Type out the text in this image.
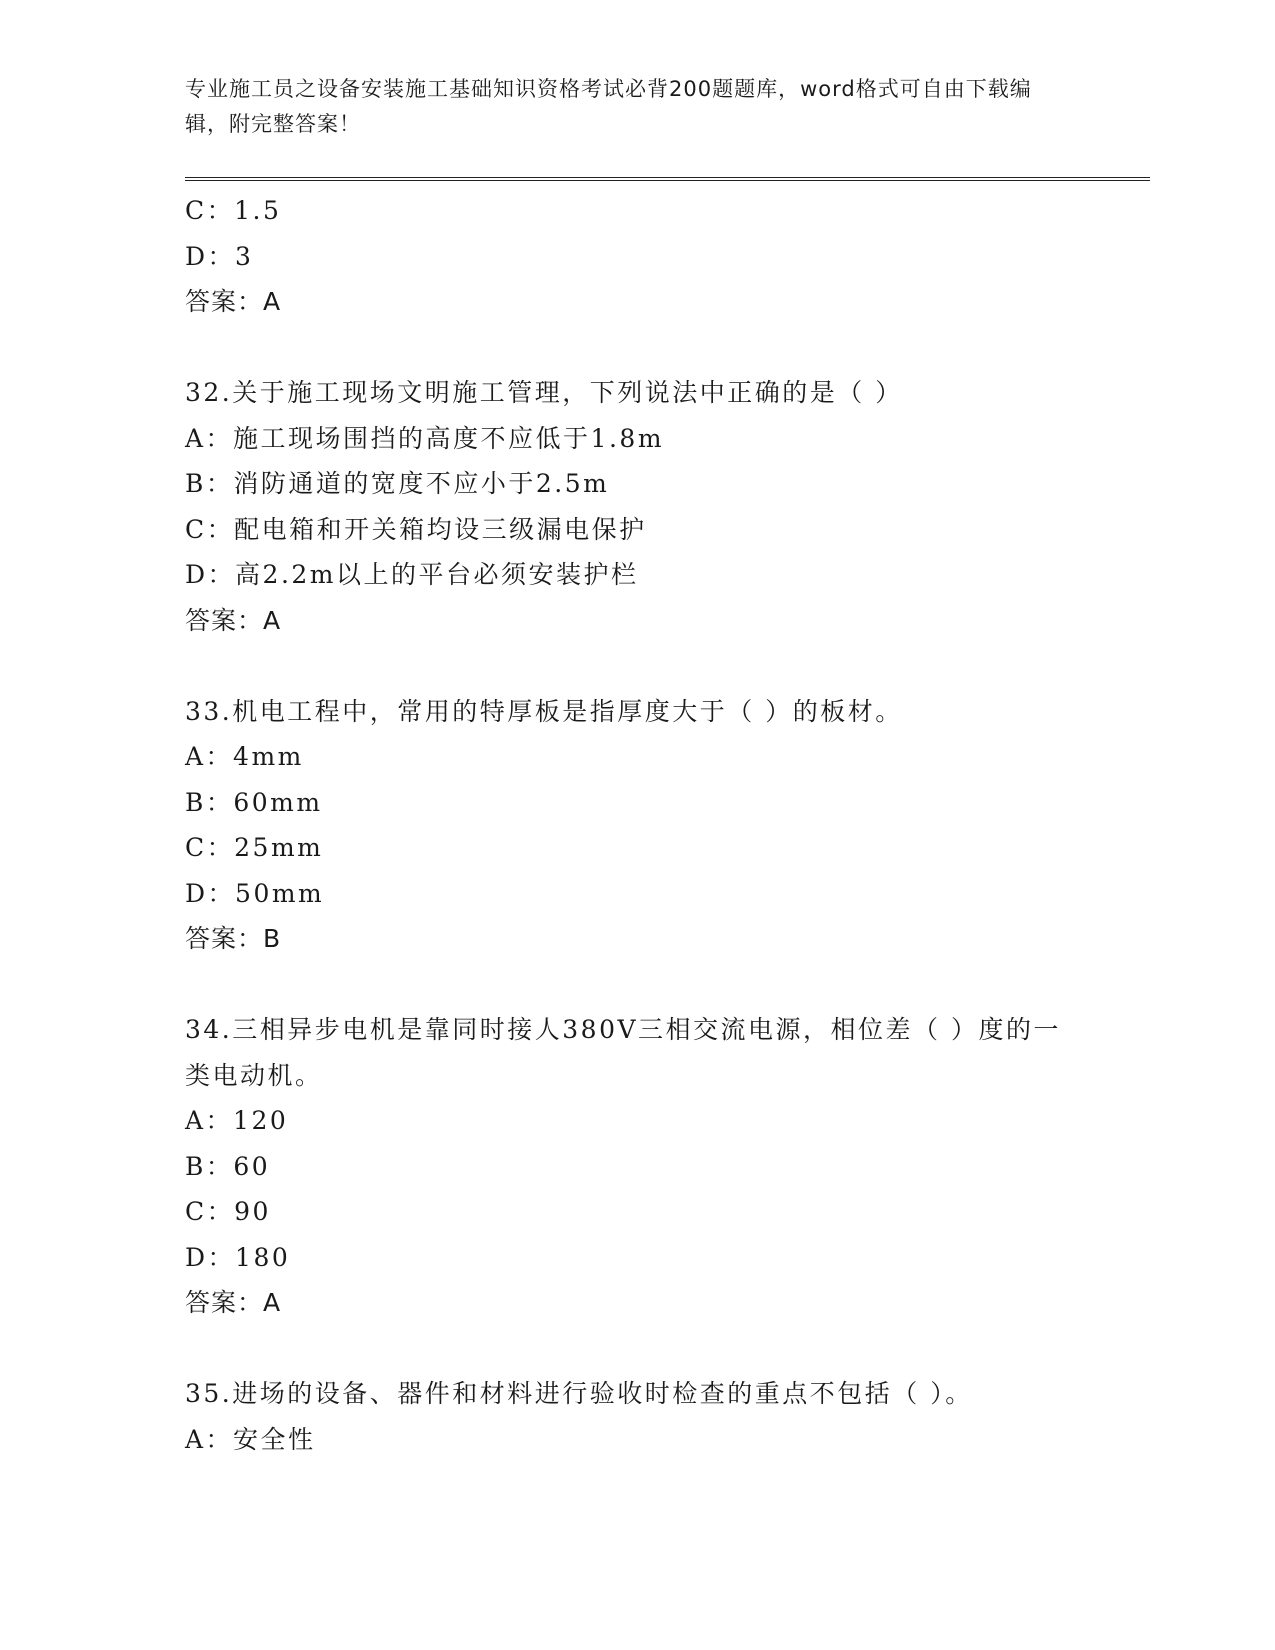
专业施工员之设备安装施工基础知识资格考试必背200题题库，word格式可自由下载编辑，附完整答案！
C：1.5
D：3
答案：A
32.关于施工现场文明施工管理，下列说法中正确的是（ ）
A：施工现场围挡的高度不应低于1.8m
B：消防通道的宽度不应小于2.5m
C：配电箱和开关箱均设三级漏电保护
D：高2.2m以上的平台必须安装护栏
答案：A
33.机电工程中，常用的特厚板是指厚度大于（ ）的板材。
A：4mm
B：60mm
C：25mm
D：50mm
答案：B
34.三相异步电机是靠同时接人380V三相交流电源，相位差（ ）度的一类电动机。
A：120
B：60
C：90
D：180
答案：A
35.进场的设备、器件和材料进行验收时检查的重点不包括（ ）。
A：安全性
